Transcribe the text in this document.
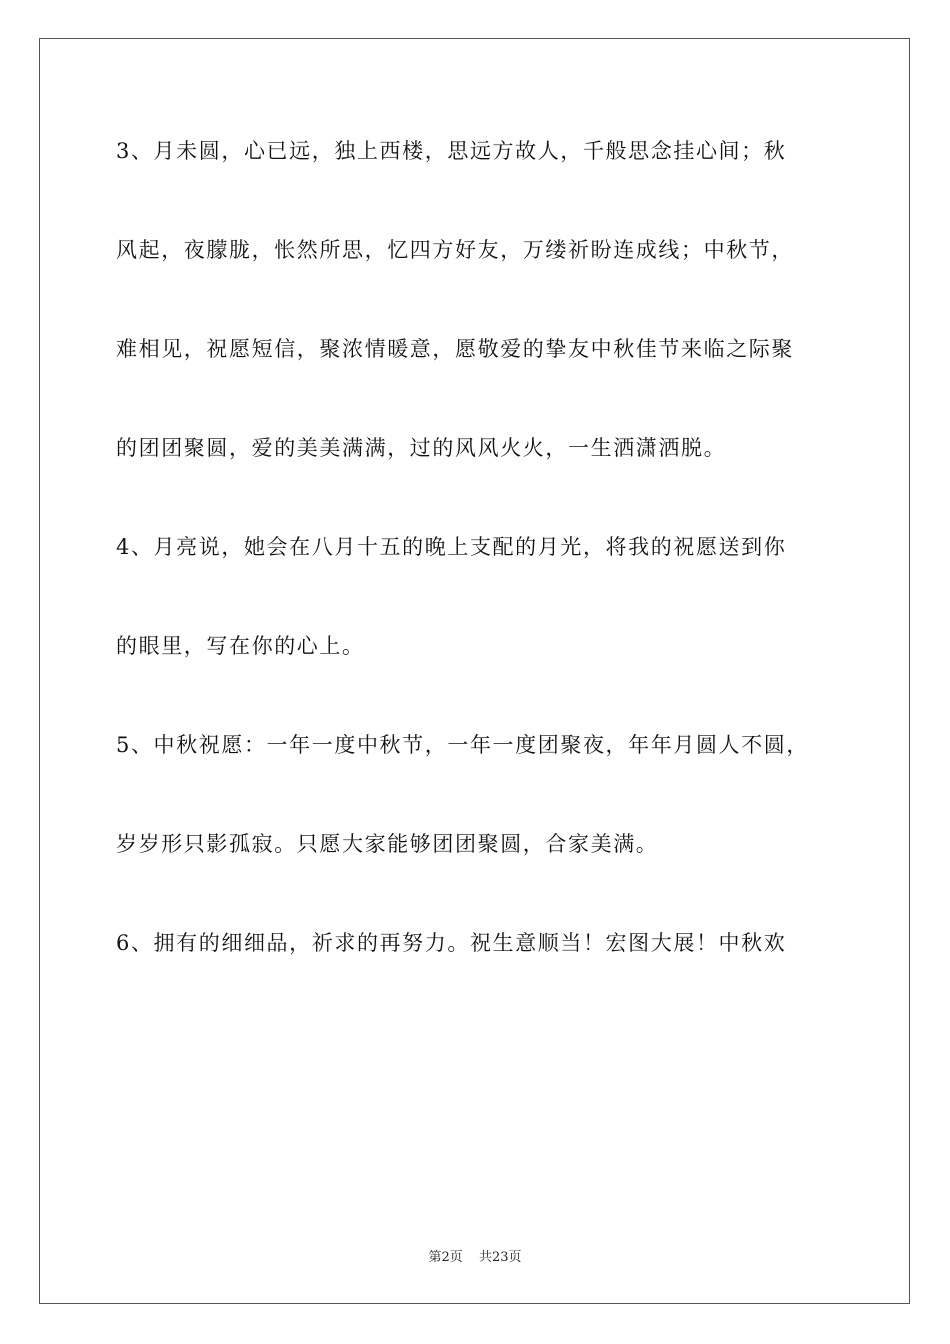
3、月未圆，心已远，独上西楼，思远方故人，千般思念挂心间；秋
风起，夜朦胧，怅然所思，忆四方好友，万缕祈盼连成线；中秋节，
难相见，祝愿短信，聚浓情暖意，愿敬爱的挚友中秋佳节来临之际聚
的团团聚圆，爱的美美满满，过的风风火火，一生洒潇洒脱。
4、月亮说，她会在八月十五的晚上支配的月光，将我的祝愿送到你
的眼里，写在你的心上。
5、中秋祝愿：一年一度中秋节，一年一度团聚夜，年年月圆人不圆，
岁岁形只影孤寂。只愿大家能够团团聚圆，合家美满。
6、拥有的细细品，祈求的再努力。祝生意顺当！宏图大展！中秋欢
第2页 共23页
